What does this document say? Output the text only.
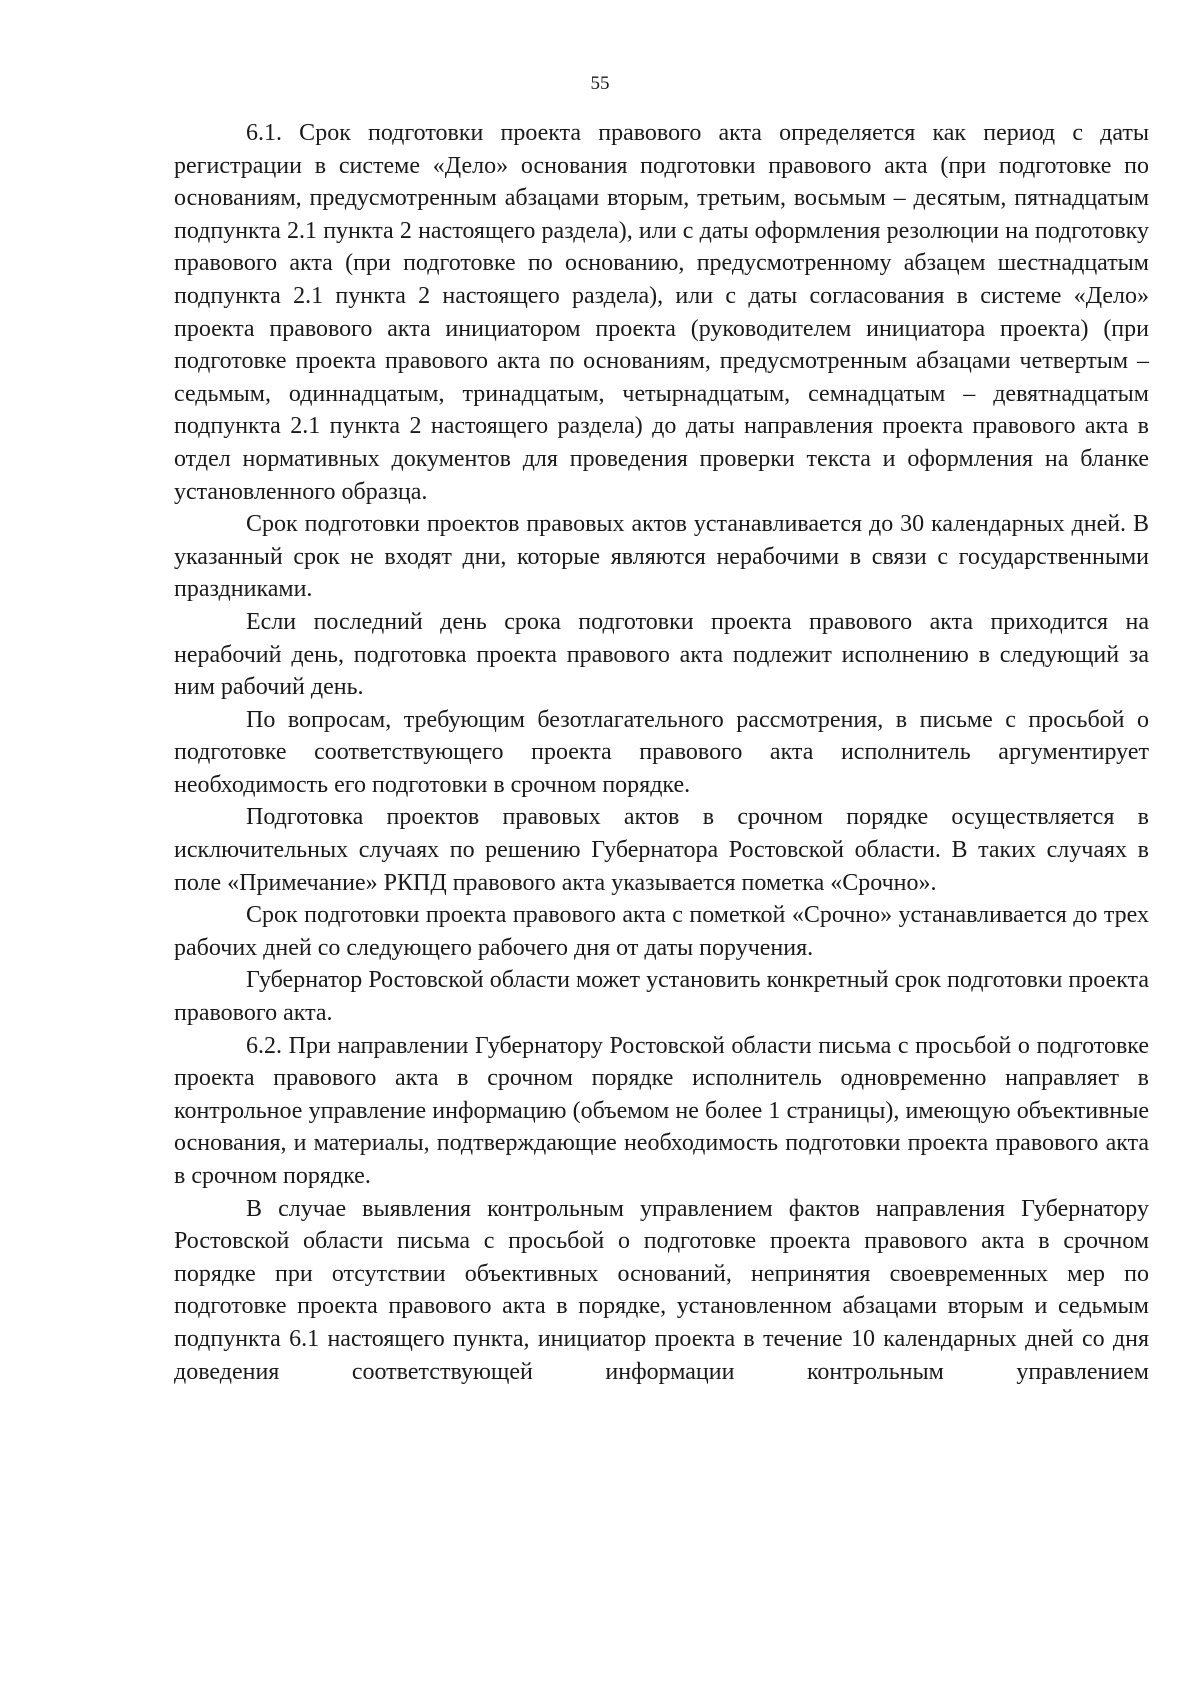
55

6.1. Срок подготовки проекта правового акта определяется как период с даты регистрации в системе «Дело» основания подготовки правового акта (при подготовке по основаниям, предусмотренным абзацами вторым, третьим, восьмым – десятым, пятнадцатым подпункта 2.1 пункта 2 настоящего раздела), или с даты оформления резолюции на подготовку правового акта (при подготовке по основанию, предусмотренному абзацем шестнадцатым подпункта 2.1 пункта 2 настоящего раздела), или с даты согласования в системе «Дело» проекта правового акта инициатором проекта (руководителем инициатора проекта) (при подготовке проекта правового акта по основаниям, предусмотренным абзацами четвертым – седьмым, одиннадцатым, тринадцатым, четырнадцатым, семнадцатым – девятнадцатым подпункта 2.1 пункта 2 настоящего раздела) до даты направления проекта правового акта в отдел нормативных документов для проведения проверки текста и оформления на бланке установленного образца.

Срок подготовки проектов правовых актов устанавливается до 30 календарных дней. В указанный срок не входят дни, которые являются нерабочими в связи с государственными праздниками.

Если последний день срока подготовки проекта правового акта приходится на нерабочий день, подготовка проекта правового акта подлежит исполнению в следующий за ним рабочий день.

По вопросам, требующим безотлагательного рассмотрения, в письме с просьбой о подготовке соответствующего проекта правового акта исполнитель аргументирует необходимость его подготовки в срочном порядке.

Подготовка проектов правовых актов в срочном порядке осуществляется в исключительных случаях по решению Губернатора Ростовской области. В таких случаях в поле «Примечание» РКПД правового акта указывается пометка «Срочно».

Срок подготовки проекта правового акта с пометкой «Срочно» устанавливается до трех рабочих дней со следующего рабочего дня от даты поручения.

Губернатор Ростовской области может установить конкретный срок подготовки проекта правового акта.

6.2. При направлении Губернатору Ростовской области письма с просьбой о подготовке проекта правового акта в срочном порядке исполнитель одновременно направляет в контрольное управление информацию (объемом не более 1 страницы), имеющую объективные основания, и материалы, подтверждающие необходимость подготовки проекта правового акта в срочном порядке.

В случае выявления контрольным управлением фактов направления Губернатору Ростовской области письма с просьбой о подготовке проекта правового акта в срочном порядке при отсутствии объективных оснований, непринятия своевременных мер по подготовке проекта правового акта в порядке, установленном абзацами вторым и седьмым подпункта 6.1 настоящего пункта, инициатор проекта в течение 10 календарных дней со дня доведения соответствующей информации контрольным управлением
